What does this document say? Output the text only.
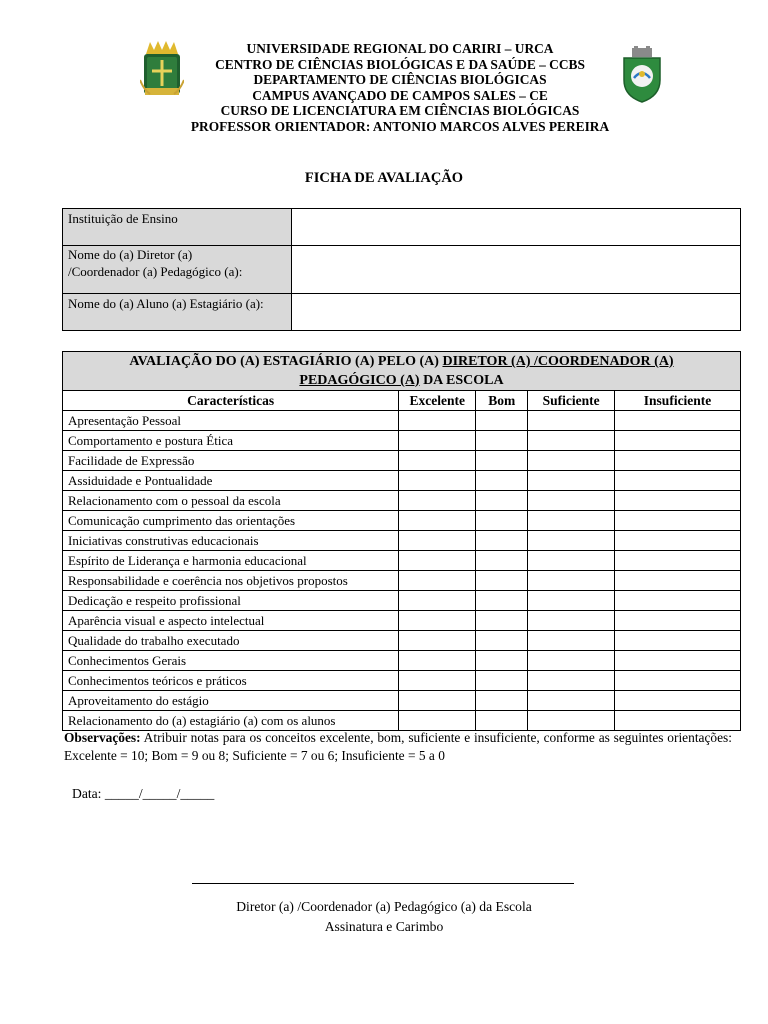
UNIVERSIDADE REGIONAL DO CARIRI – URCA
CENTRO DE CIÊNCIAS BIOLÓGICAS E DA SAÚDE – CCBS
DEPARTAMENTO DE CIÊNCIAS BIOLÓGICAS
CAMPUS AVANÇADO DE CAMPOS SALES – CE
CURSO DE LICENCIATURA EM CIÊNCIAS BIOLÓGICAS
PROFESSOR ORIENTADOR: ANTONIO MARCOS ALVES PEREIRA
FICHA DE AVALIAÇÃO
Instituição de Ensino	

Nome do (a) Diretor (a)
/Coordenador (a) Pedagógico (a):	

Nome do (a) Aluno (a) Estagiário (a):	
AVALIAÇÃO DO (A) ESTAGIÁRIO (A) PELO (A) DIRETOR (A) /COORDENADOR (A)
PEDAGÓGICO (A) DA ESCOLA				
Características	Excelente	Bom	Suficiente	Insuficiente
Apresentação Pessoal				
Comportamento e postura Ética				
Facilidade de Expressão				
Assiduidade e Pontualidade				
Relacionamento com o pessoal da escola				
Comunicação cumprimento das orientações				
Iniciativas construtivas educacionais				
Espírito de Liderança e harmonia educacional				
Responsabilidade e coerência nos objetivos propostos				
Dedicação e respeito profissional				
Aparência visual e aspecto intelectual				
Qualidade do trabalho executado				
Conhecimentos Gerais				
Conhecimentos teóricos e práticos				
Aproveitamento do estágio				
Relacionamento do (a) estagiário (a) com os alunos				
Observações: Atribuir notas para os conceitos excelente, bom, suficiente e insuficiente, conforme as seguintes orientações: Excelente = 10; Bom = 9 ou 8; Suficiente = 7 ou 6; Insuficiente = 5 a 0
Data: _____/_____/_____
Diretor (a) /Coordenador (a) Pedagógico (a) da Escola
Assinatura e Carimbo
